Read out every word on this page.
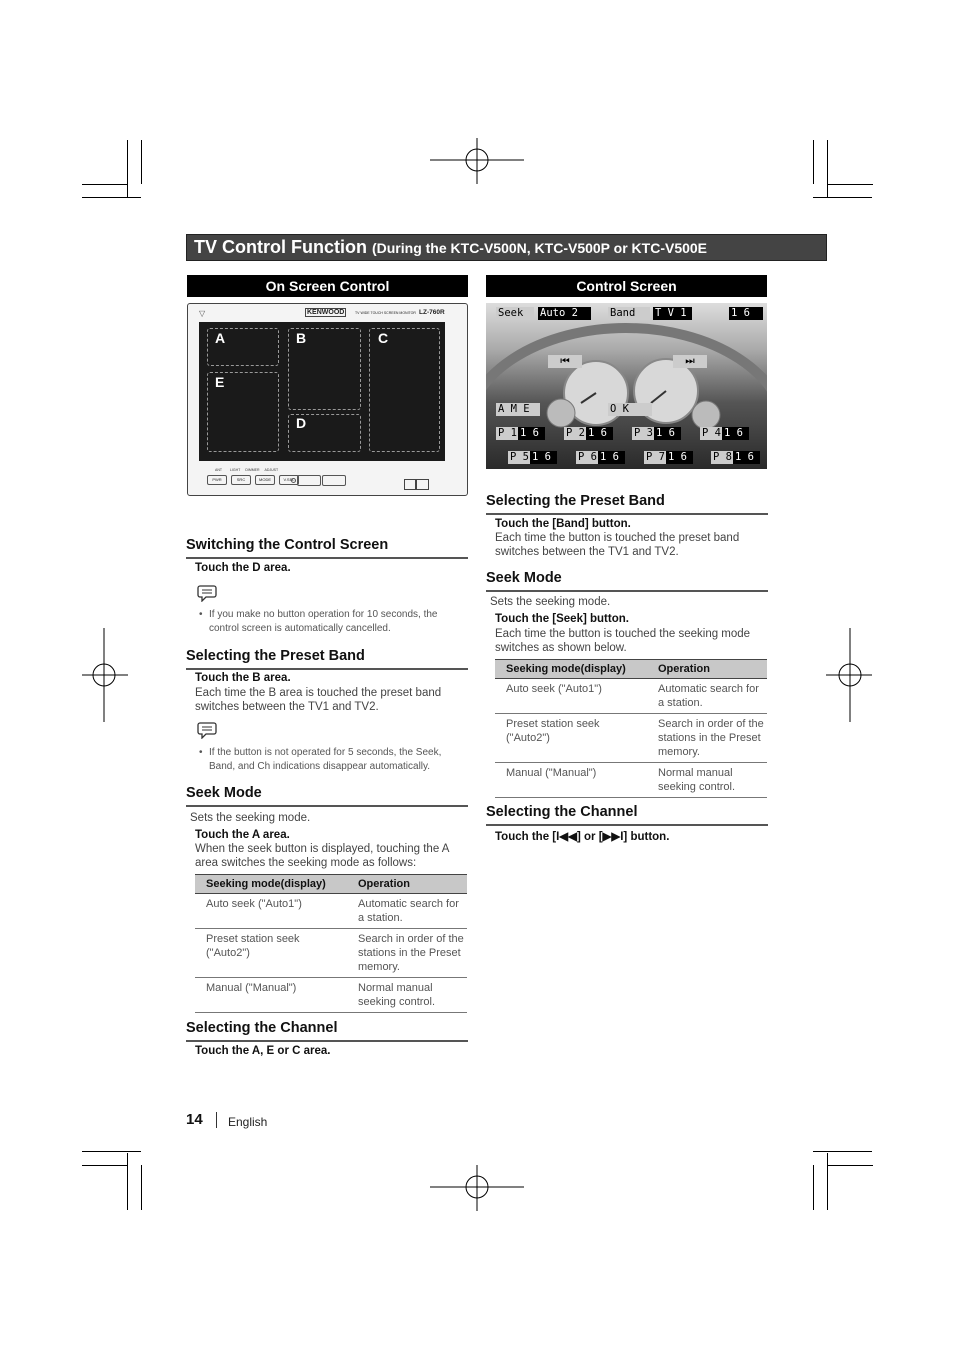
TV Control Function (During the KTC-V500N, KTC-V500P or KTC-V500E
On Screen Control	Control Screen
▽	KENWOOD	TV WIDE TOUCH SCREEN MONITOR LZ-760R
A	B	C
E
D
ANT LIGHT DIMMER ADJUST
PWR	SRC	MODE	V.SEL
Seek	Auto 2	Band	T V 1	1 6
⏮	⏭
A M E	O K
P 1 1 6	P 2 1 6	P 3 1 6	P 4 1 6
P 5 1 6	P 6 1 6	P 7 1 6	P 8 1 6
Switching the Control Screen
Touch the D area.
• If you make no button operation for 10 seconds, the control screen is automatically cancelled.
Selecting the Preset Band
Touch the B area.
Each time the B area is touched the preset band switches between the TV1 and TV2.
• If the button is not operated for 5 seconds, the Seek, Band, and Ch indications disappear automatically.
Seek Mode
Sets the seeking mode.
Touch the A area.
When the seek button is displayed, touching the A area switches the seeking mode as follows:
Seeking mode(display)	Operation
Auto seek ("Auto1")	Automatic search for a station.
Preset station seek ("Auto2")	Search in order of the stations in the Preset memory.
Manual ("Manual")	Normal manual seeking control.
Selecting the Channel
Touch the A, E or C area.
Selecting the Preset Band
Touch the [Band] button.
Each time the button is touched the preset band switches between the TV1 and TV2.
Seek Mode
Sets the seeking mode.
Touch the [Seek] button.
Each time the button is touched the seeking mode switches as shown below.
Seeking mode(display)	Operation
Auto seek ("Auto1")	Automatic search for a station.
Preset station seek ("Auto2")	Search in order of the stations in the Preset memory.
Manual ("Manual")	Normal manual seeking control.
Selecting the Channel
Touch the [I◀◀] or [▶▶I] button.
14 English
